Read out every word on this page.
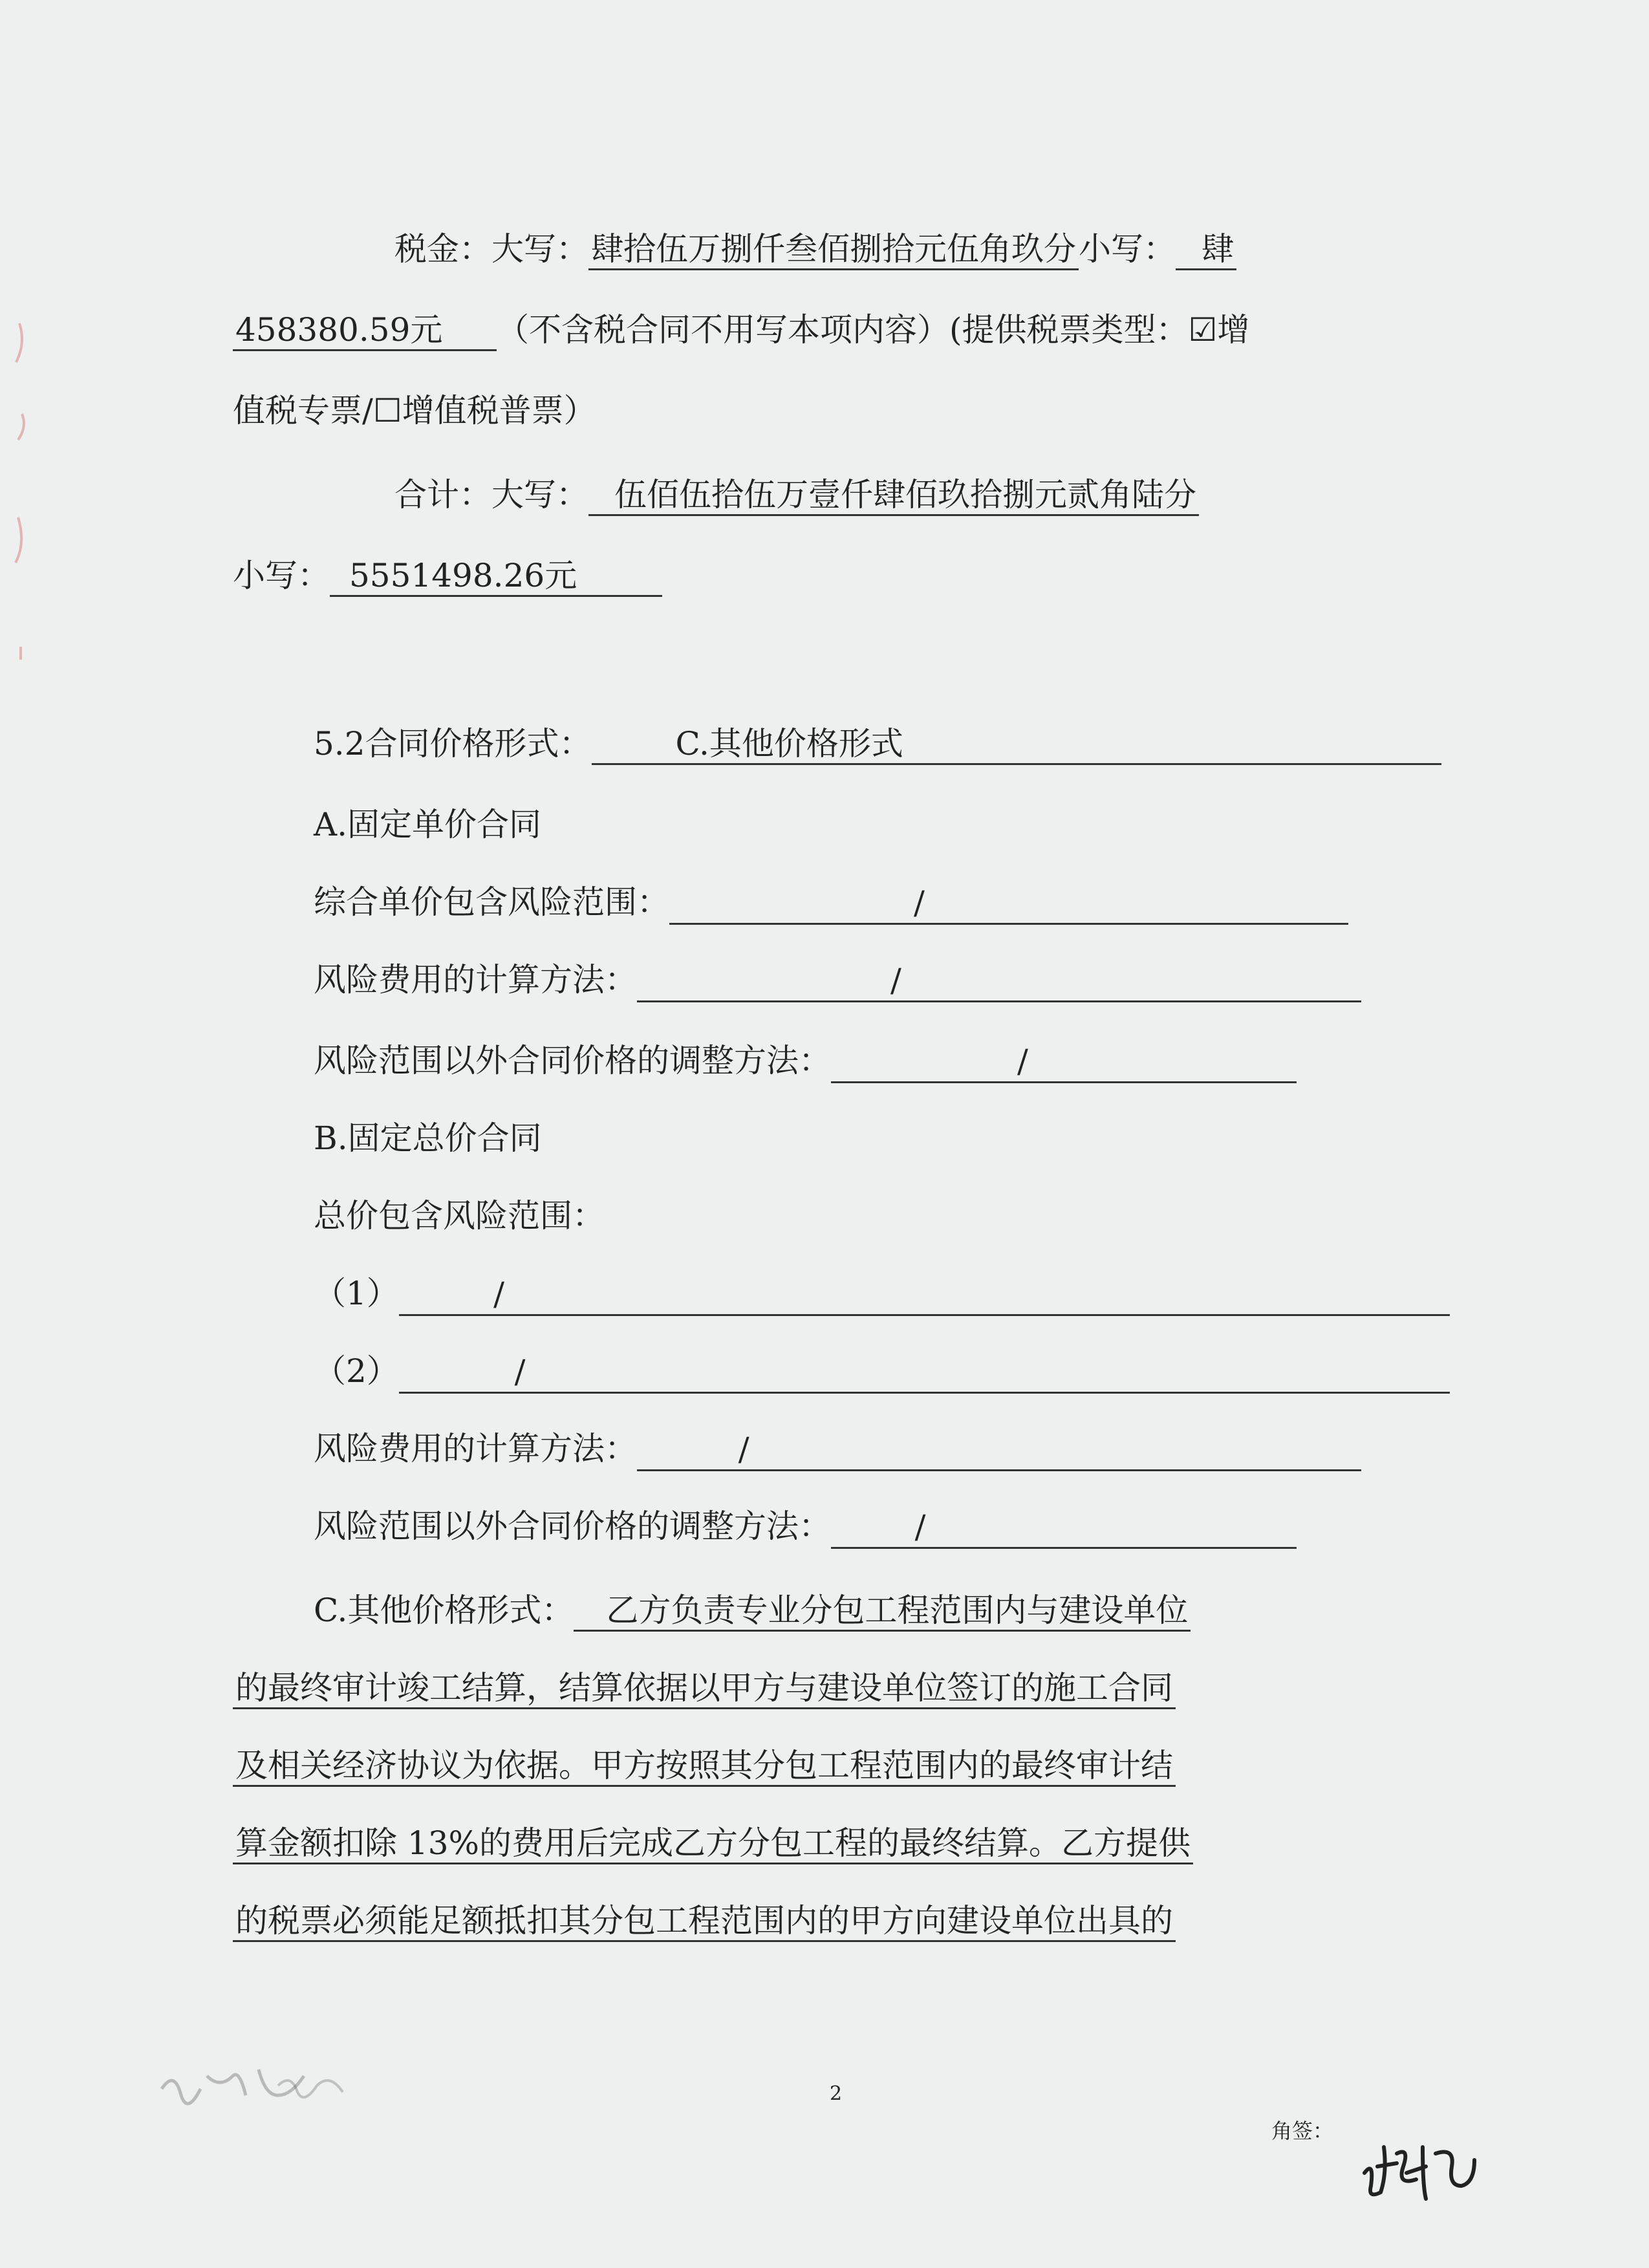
税金：大写：肆拾伍万捌仟叁佰捌拾元伍角玖分小写： 肆
458380.59元 （不含税合同不用写本项内容）(提供税票类型：☑增
值税专票/☐增值税普票）
合计：大写： 伍佰伍拾伍万壹仟肆佰玖拾捌元贰角陆分
小写： 5551498.26元
5.2合同价格形式：	C.其他价格形式
A.固定单价合同
综合单价包含风险范围：	/
风险费用的计算方法：	/
风险范围以外合同价格的调整方法：	/
B.固定总价合同
总价包含风险范围：
（1）	/
（2）	/
风险费用的计算方法：	/
风险范围以外合同价格的调整方法：	/
C.其他价格形式： 乙方负责专业分包工程范围内与建设单位
的最终审计竣工结算，结算依据以甲方与建设单位签订的施工合同
及相关经济协议为依据。甲方按照其分包工程范围内的最终审计结
算金额扣除 13%的费用后完成乙方分包工程的最终结算。乙方提供
的税票必须能足额抵扣其分包工程范围内的甲方向建设单位出具的
2
角签：
